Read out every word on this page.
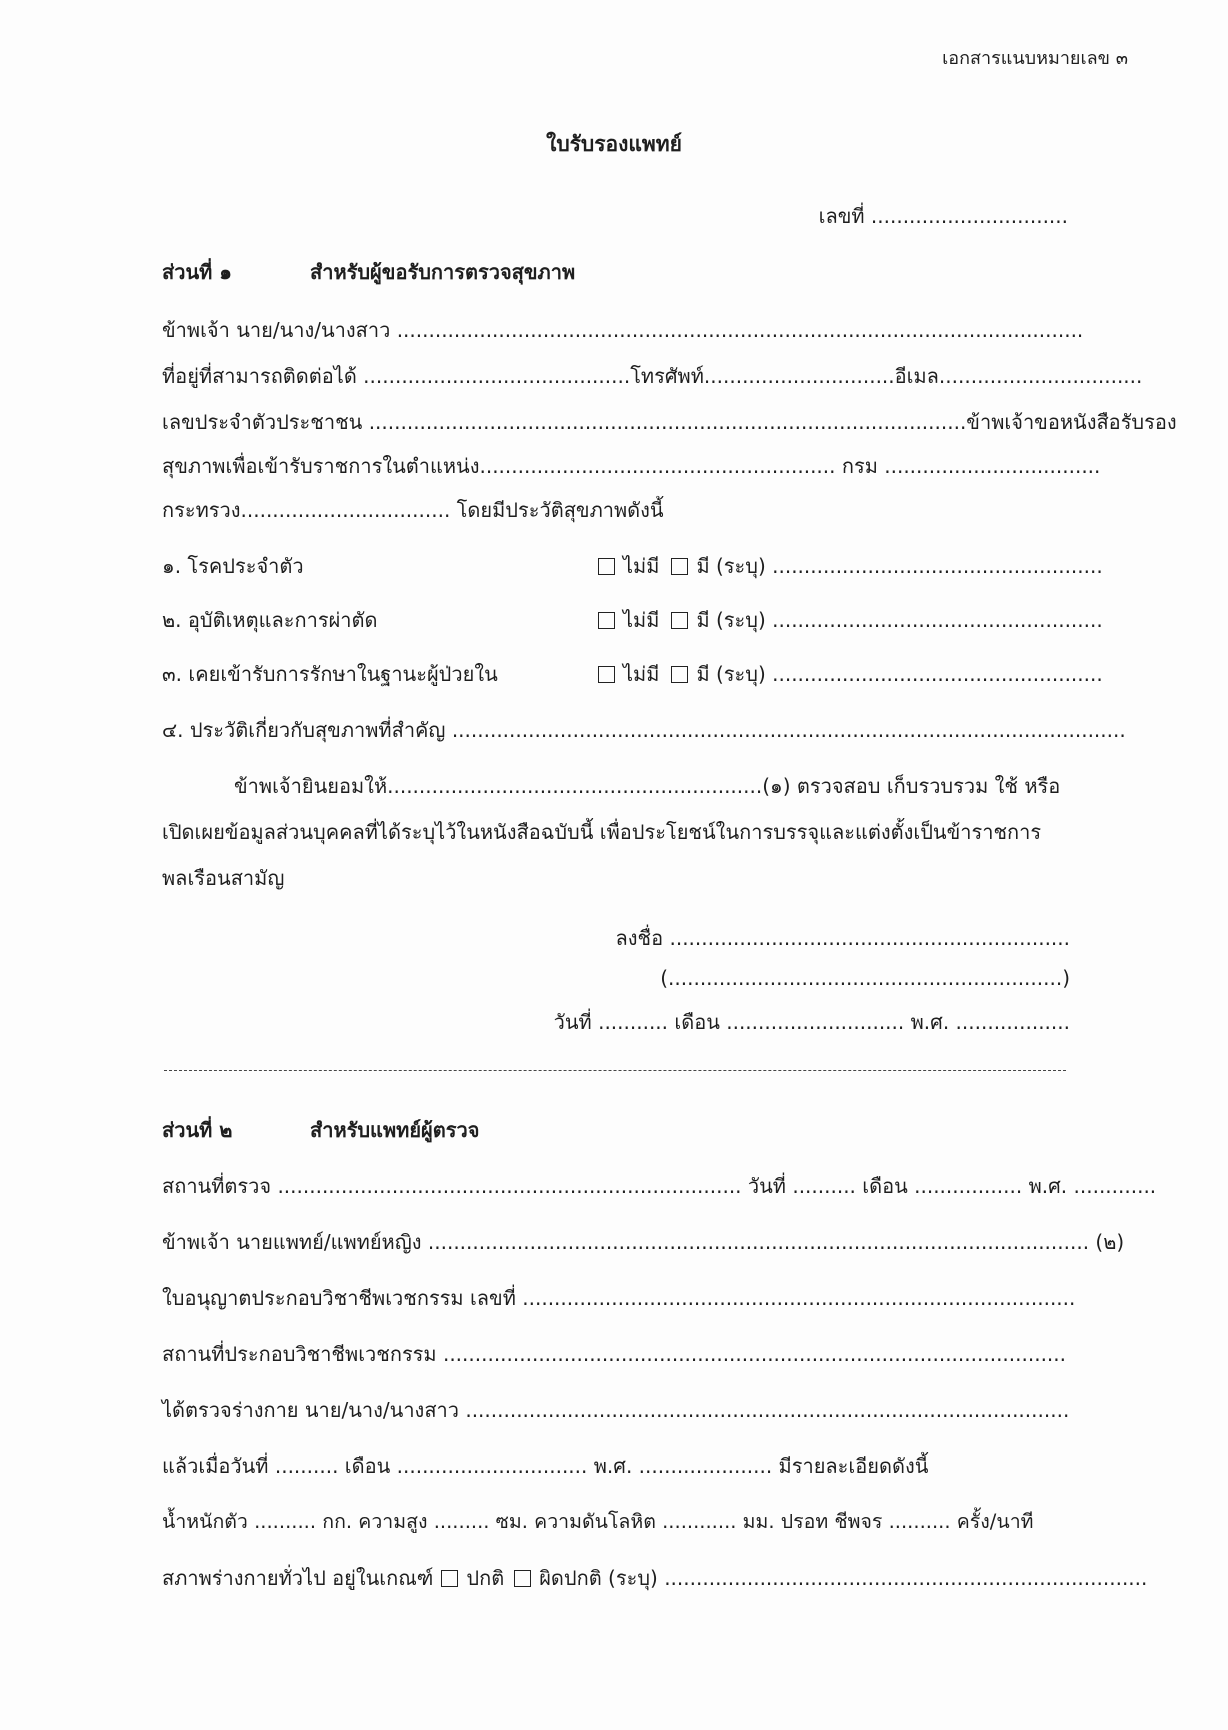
เอกสารแนบหมายเลข ๓
ใบรับรองแพทย์
เลขที่ ...............................
ส่วนที่ ๑	สำหรับผู้ขอรับการตรวจสุขภาพ
ข้าพเจ้า นาย/นาง/นางสาว ............................................................................................................
ที่อยู่ที่สามารถติดต่อได้ ..........................................โทรศัพท์..............................อีเมล................................
เลขประจำตัวประชาชน .............................................................................................. ข้าพเจ้าขอหนังสือรับรอง
สุขภาพเพื่อเข้ารับราชการในตำแหน่ง........................................................ กรม ..................................
กระทรวง................................. โดยมีประวัติสุขภาพดังนี้
๑. โรคประจำตัว	ไม่มี มี (ระบุ) ....................................................
๒. อุบัติเหตุและการผ่าตัด	ไม่มี มี (ระบุ) ....................................................
๓. เคยเข้ารับการรักษาในฐานะผู้ป่วยใน	ไม่มี มี (ระบุ) ....................................................
๔. ประวัติเกี่ยวกับสุขภาพที่สำคัญ ..........................................................................................................
ข้าพเจ้ายินยอมให้...........................................................(๑) ตรวจสอบ เก็บรวบรวม ใช้ หรือ
เปิดเผยข้อมูลส่วนบุคคลที่ได้ระบุไว้ในหนังสือฉบับนี้ เพื่อประโยชน์ในการบรรจุและแต่งตั้งเป็นข้าราชการ
พลเรือนสามัญ
ลงชื่อ ...............................................................
(..............................................................)
วันที่ ........... เดือน ............................ พ.ศ. ..................
ส่วนที่ ๒	สำหรับแพทย์ผู้ตรวจ
สถานที่ตรวจ ......................................................................... วันที่ .......... เดือน ................. พ.ศ. .............
ข้าพเจ้า นายแพทย์/แพทย์หญิง ........................................................................................................ (๒)
ใบอนุญาตประกอบวิชาชีพเวชกรรม เลขที่ .......................................................................................
สถานที่ประกอบวิชาชีพเวชกรรม ..................................................................................................
ได้ตรวจร่างกาย นาย/นาง/นางสาว ...............................................................................................
แล้วเมื่อวันที่ .......... เดือน .............................. พ.ศ. ..................... มีรายละเอียดดังนี้
น้ำหนักตัว .......... กก. ความสูง ......... ซม. ความดันโลหิต ............ มม. ปรอท ชีพจร .......... ครั้ง/นาที
สภาพร่างกายทั่วไป อยู่ในเกณฑ์ ปกติ ผิดปกติ (ระบุ) ............................................................................
